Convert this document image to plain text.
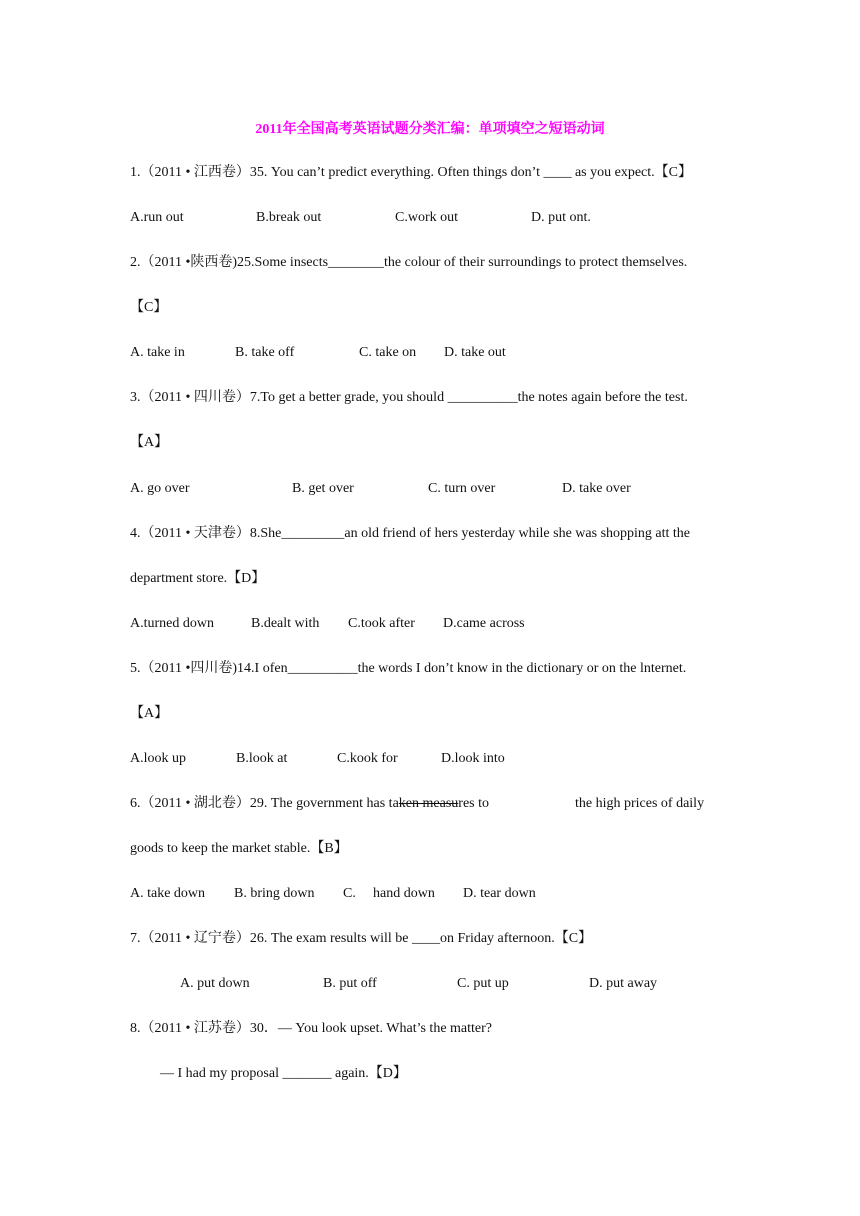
2011年全国高考英语试题分类汇编：单项填空之短语动词
1.（2011 • 江西卷）35. You can’t predict everything. Often things don’t ____ as you expect.【C】
A.run out	B.break out	C.work out	D. put ont.
2.（2011 •陕西卷)25.Some insects________the colour of their surroundings to protect themselves.
【C】
A. take in	B. take off	C. take on D. take out
3.（2011 • 四川卷）7.To get a better grade, you should __________the notes again before the test.
【A】
A. go over	B. get over	C. turn over	D. take over
4.（2011 • 天津卷）8.She_________an old friend of hers yesterday while she was shopping att the
department store.【D】
A.turned down	B.dealt with C.took after D.came across
5.（2011 •四川卷)14.I ofen__________the words I don’t know in the dictionary or on the lnternet.
【A】
A.look up	B.look at	C.kook for	D.look into
6.（2011 • 湖北卷）29. The government has taken measures to	the high prices of daily
goods to keep the market stable.【B】
A. take down B. bring down C. hand down D. tear down
7.（2011 • 辽宁卷）26. The exam results will be ____on Friday afternoon.【C】
A. put down	B. put off	C. put up	D. put away
8.（2011 • 江苏卷）30．— You look upset. What’s the matter?
— I had my proposal _______ again.【D】
